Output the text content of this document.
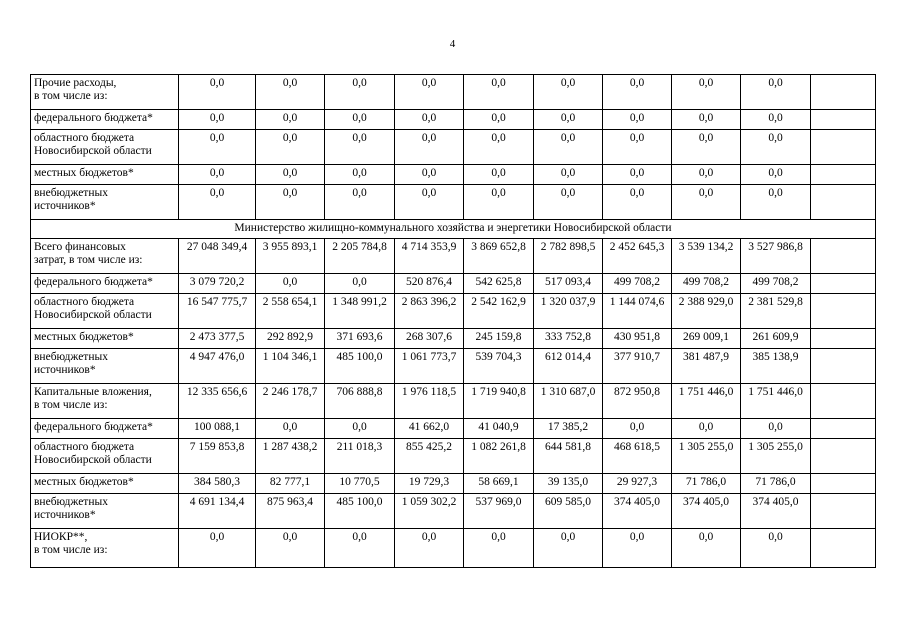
4
Прочие расходы,
в том числе из:	0,0	0,0	0,0	0,0	0,0	0,0	0,0	0,0	0,0	
федерального бюджета*	0,0	0,0	0,0	0,0	0,0	0,0	0,0	0,0	0,0	
областного бюджета
Новосибирской области	0,0	0,0	0,0	0,0	0,0	0,0	0,0	0,0	0,0	
местных бюджетов*	0,0	0,0	0,0	0,0	0,0	0,0	0,0	0,0	0,0	
внебюджетных
источников*	0,0	0,0	0,0	0,0	0,0	0,0	0,0	0,0	0,0	
Министерство жилищно-коммунального хозяйства и энергетики Новосибирской области										
Всего финансовых
затрат, в том числе из:	27 048 349,4	3 955 893,1	2 205 784,8	4 714 353,9	3 869 652,8	2 782 898,5	2 452 645,3	3 539 134,2	3 527 986,8	
федерального бюджета*	3 079 720,2	0,0	0,0	520 876,4	542 625,8	517 093,4	499 708,2	499 708,2	499 708,2	
областного бюджета
Новосибирской области	16 547 775,7	2 558 654,1	1 348 991,2	2 863 396,2	2 542 162,9	1 320 037,9	1 144 074,6	2 388 929,0	2 381 529,8	
местных бюджетов*	2 473 377,5	292 892,9	371 693,6	268 307,6	245 159,8	333 752,8	430 951,8	269 009,1	261 609,9	
внебюджетных
источников*	4 947 476,0	1 104 346,1	485 100,0	1 061 773,7	539 704,3	612 014,4	377 910,7	381 487,9	385 138,9	
Капитальные вложения,
в том числе из:	12 335 656,6	2 246 178,7	706 888,8	1 976 118,5	1 719 940,8	1 310 687,0	872 950,8	1 751 446,0	1 751 446,0	
федерального бюджета*	100 088,1	0,0	0,0	41 662,0	41 040,9	17 385,2	0,0	0,0	0,0	
областного бюджета
Новосибирской области	7 159 853,8	1 287 438,2	211 018,3	855 425,2	1 082 261,8	644 581,8	468 618,5	1 305 255,0	1 305 255,0	
местных бюджетов*	384 580,3	82 777,1	10 770,5	19 729,3	58 669,1	39 135,0	29 927,3	71 786,0	71 786,0	
внебюджетных
источников*	4 691 134,4	875 963,4	485 100,0	1 059 302,2	537 969,0	609 585,0	374 405,0	374 405,0	374 405,0	
НИОКР**,
в том числе из:	0,0	0,0	0,0	0,0	0,0	0,0	0,0	0,0	0,0	
